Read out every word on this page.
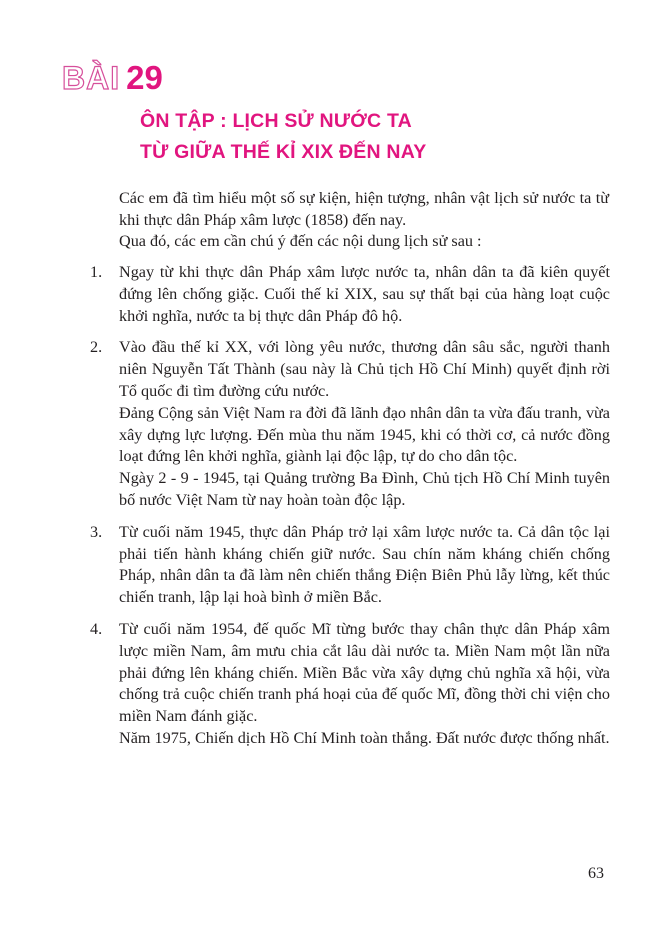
BÀI 29
ÔN TẬP : LỊCH SỬ NƯỚC TA
TỪ GIỮA THẾ KỈ XIX ĐẾN NAY

Các em đã tìm hiểu một số sự kiện, hiện tượng, nhân vật lịch sử nước ta từ khi thực dân Pháp xâm lược (1858) đến nay.

Qua đó, các em cần chú ý đến các nội dung lịch sử sau :

1. Ngay từ khi thực dân Pháp xâm lược nước ta, nhân dân ta đã kiên quyết đứng lên chống giặc. Cuối thế kỉ XIX, sau sự thất bại của hàng loạt cuộc khởi nghĩa, nước ta bị thực dân Pháp đô hộ.

2. Vào đầu thế kỉ XX, với lòng yêu nước, thương dân sâu sắc, người thanh niên Nguyễn Tất Thành (sau này là Chủ tịch Hồ Chí Minh) quyết định rời Tổ quốc đi tìm đường cứu nước.

Đảng Cộng sản Việt Nam ra đời đã lãnh đạo nhân dân ta vừa đấu tranh, vừa xây dựng lực lượng. Đến mùa thu năm 1945, khi có thời cơ, cả nước đồng loạt đứng lên khởi nghĩa, giành lại độc lập, tự do cho dân tộc.

Ngày 2 - 9 - 1945, tại Quảng trường Ba Đình, Chủ tịch Hồ Chí Minh tuyên bố nước Việt Nam từ nay hoàn toàn độc lập.

3. Từ cuối năm 1945, thực dân Pháp trở lại xâm lược nước ta. Cả dân tộc lại phải tiến hành kháng chiến giữ nước. Sau chín năm kháng chiến chống Pháp, nhân dân ta đã làm nên chiến thắng Điện Biên Phủ lẫy lừng, kết thúc chiến tranh, lập lại hoà bình ở miền Bắc.

4. Từ cuối năm 1954, đế quốc Mĩ từng bước thay chân thực dân Pháp xâm lược miền Nam, âm mưu chia cắt lâu dài nước ta. Miền Nam một lần nữa phải đứng lên kháng chiến. Miền Bắc vừa xây dựng chủ nghĩa xã hội, vừa chống trả cuộc chiến tranh phá hoại của đế quốc Mĩ, đồng thời chi viện cho miền Nam đánh giặc.

Năm 1975, Chiến dịch Hồ Chí Minh toàn thắng. Đất nước được thống nhất.

63
